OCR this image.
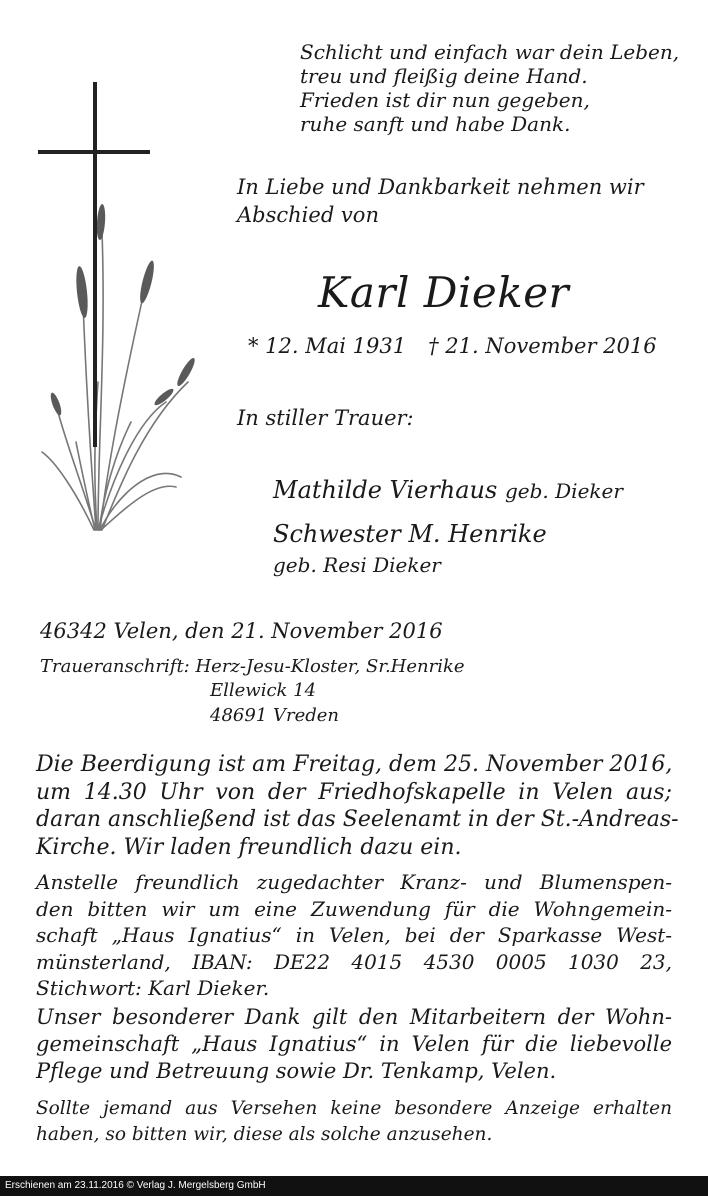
Schlicht und einfach war dein Leben,
treu und fleißig deine Hand.
Frieden ist dir nun gegeben,
ruhe sanft und habe Dank.
In Liebe und Dankbarkeit nehmen wir
Abschied von
Karl Dieker
* 12. Mai 1931 † 21. November 2016
In stiller Trauer:
Mathilde Vierhaus geb. Dieker
Schwester M. Henrike
geb. Resi Dieker
46342 Velen, den 21. November 2016
Traueranschrift: Herz-Jesu-Kloster, Sr.Henrike
Ellewick 14
48691 Vreden
Die Beerdigung ist am Freitag, dem 25. November 2016,
um 14.30 Uhr von der Friedhofskapelle in Velen aus;
daran anschließend ist das Seelenamt in der St.-Andreas-
Kirche. Wir laden freundlich dazu ein.
Anstelle freundlich zugedachter Kranz- und Blumenspen-
den bitten wir um eine Zuwendung für die Wohngemein-
schaft „Haus Ignatius“ in Velen, bei der Sparkasse West-
münsterland, IBAN: DE22 4015 4530 0005 1030 23,
Stichwort: Karl Dieker.
Unser besonderer Dank gilt den Mitarbeitern der Wohn-
gemeinschaft „Haus Ignatius“ in Velen für die liebevolle
Pflege und Betreuung sowie Dr. Tenkamp, Velen.
Sollte jemand aus Versehen keine besondere Anzeige erhalten
haben, so bitten wir, diese als solche anzusehen.
Erschienen am 23.11.2016 © Verlag J. Mergelsberg GmbH
